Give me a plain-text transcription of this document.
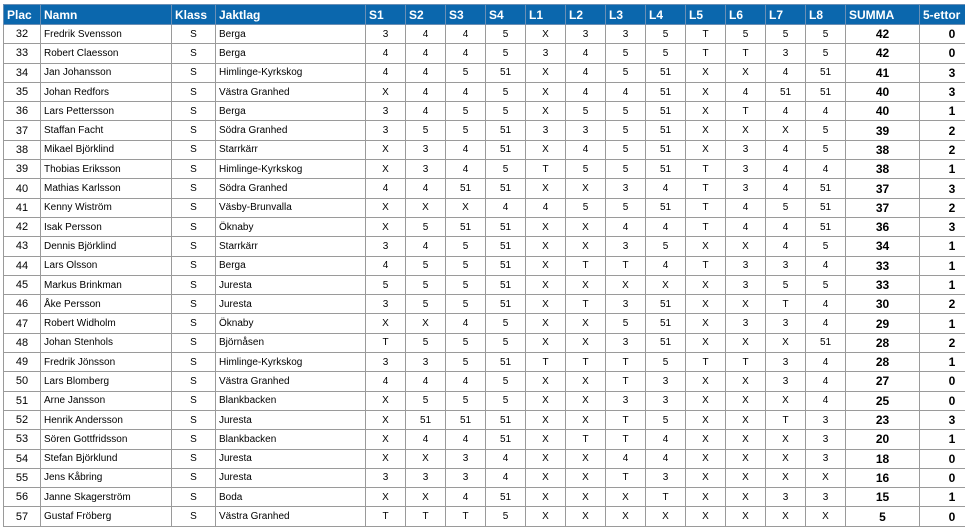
Plac	Namn	Klass	Jaktlag	S1	S2	S3	S4	L1	L2	L3	L4	L5	L6	L7	L8	SUMMA	5-ettor
32	Fredrik Svensson	S	Berga	3	4	4	5	X	3	3	5	T	5	5	5	42	0
33	Robert Claesson	S	Berga	4	4	4	5	3	4	5	5	T	T	3	5	42	0
34	Jan Johansson	S	Himlinge-Kyrkskog	4	4	5	51	X	4	5	51	X	X	4	51	41	3
35	Johan Redfors	S	Västra Granhed	X	4	4	5	X	4	4	51	X	4	51	51	40	3
36	Lars Pettersson	S	Berga	3	4	5	5	X	5	5	51	X	T	4	4	40	1
37	Staffan Facht	S	Södra Granhed	3	5	5	51	3	3	5	51	X	X	X	5	39	2
38	Mikael Björklind	S	Starrkärr	X	3	4	51	X	4	5	51	X	3	4	5	38	2
39	Thobias Eriksson	S	Himlinge-Kyrkskog	X	3	4	5	T	5	5	51	T	3	4	4	38	1
40	Mathias Karlsson	S	Södra Granhed	4	4	51	51	X	X	3	4	T	3	4	51	37	3
41	Kenny Wiström	S	Väsby-Brunvalla	X	X	X	4	4	5	5	51	T	4	5	51	37	2
42	Isak Persson	S	Öknaby	X	5	51	51	X	X	4	4	T	4	4	51	36	3
43	Dennis Björklind	S	Starrkärr	3	4	5	51	X	X	3	5	X	X	4	5	34	1
44	Lars Olsson	S	Berga	4	5	5	51	X	T	T	4	T	3	3	4	33	1
45	Markus Brinkman	S	Juresta	5	5	5	51	X	X	X	X	X	3	5	5	33	1
46	Åke Persson	S	Juresta	3	5	5	51	X	T	3	51	X	X	T	4	30	2
47	Robert Widholm	S	Öknaby	X	X	4	5	X	X	5	51	X	3	3	4	29	1
48	Johan Stenhols	S	Björnåsen	T	5	5	5	X	X	3	51	X	X	X	51	28	2
49	Fredrik Jönsson	S	Himlinge-Kyrkskog	3	3	5	51	T	T	T	5	T	T	3	4	28	1
50	Lars Blomberg	S	Västra Granhed	4	4	4	5	X	X	T	3	X	X	3	4	27	0
51	Arne Jansson	S	Blankbacken	X	5	5	5	X	X	3	3	X	X	X	4	25	0
52	Henrik Andersson	S	Juresta	X	51	51	51	X	X	T	5	X	X	T	3	23	3
53	Sören Gottfridsson	S	Blankbacken	X	4	4	51	X	T	T	4	X	X	X	3	20	1
54	Stefan Björklund	S	Juresta	X	X	3	4	X	X	4	4	X	X	X	3	18	0
55	Jens Kåbring	S	Juresta	3	3	3	4	X	X	T	3	X	X	X	X	16	0
56	Janne Skagerström	S	Boda	X	X	4	51	X	X	X	T	X	X	3	3	15	1
57	Gustaf Fröberg	S	Västra Granhed	T	T	T	5	X	X	X	X	X	X	X	X	5	0
